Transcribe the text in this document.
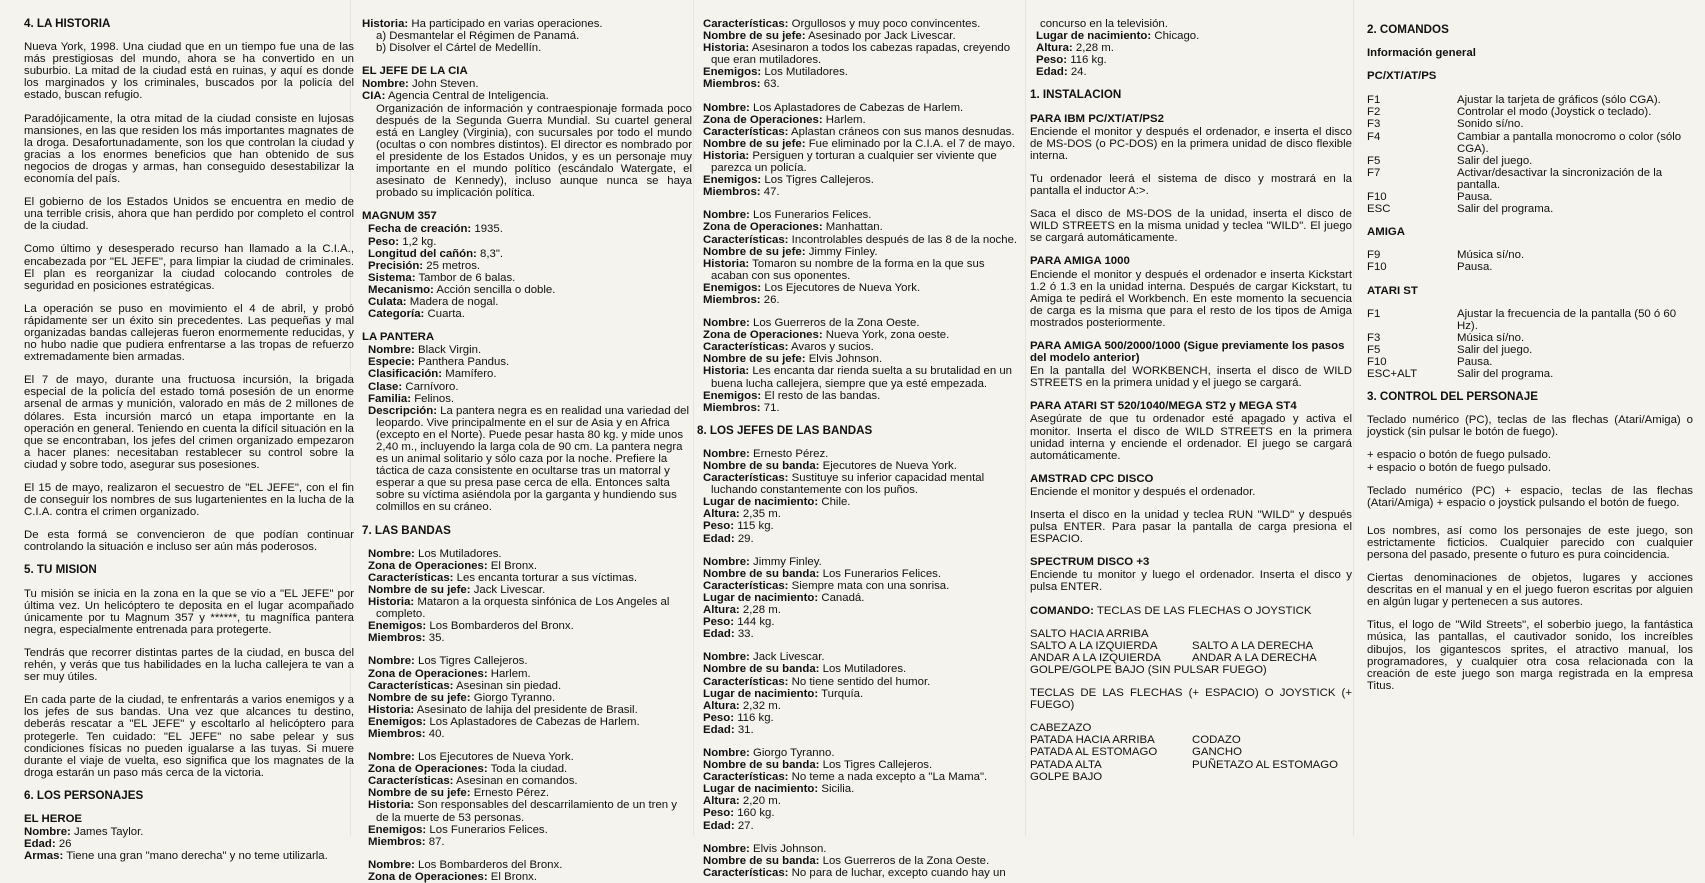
4. LA HISTORIA

Nueva York, 1998. Una ciudad que en un tiempo fue una de las más prestigiosas del mundo, ahora se ha convertido en un suburbio. La mitad de la ciudad está en ruinas, y aquí es donde los marginados y los criminales, buscados por la policía del estado, buscan refugio.

Paradójicamente, la otra mitad de la ciudad consiste en lujosas mansiones, en las que residen los más importantes magnates de la droga. Desafortunadamente, son los que controlan la ciudad y gracias a los enormes beneficios que han obtenido de sus negocios de drogas y armas, han conseguido desestabilizar la economía del país.

El gobierno de los Estados Unidos se encuentra en medio de una terrible crisis, ahora que han perdido por completo el control de la ciudad.

Como último y desesperado recurso han llamado a la C.I.A., encabezada por "EL JEFE", para limpiar la ciudad de criminales. El plan es reorganizar la ciudad colocando controles de seguridad en posiciones estratégicas.

La operación se puso en movimiento el 4 de abril, y probó rápidamente ser un éxito sin precedentes. Las pequeñas y mal organizadas bandas callejeras fueron enormemente reducidas, y no hubo nadie que pudiera enfrentarse a las tropas de refuerzo extremadamente bien armadas.

El 7 de mayo, durante una fructuosa incursión, la brigada especial de la policía del estado tomá posesión de un enorme arsenal de armas y munición, valorado en más de 2 millones de dólares. Esta incursión marcó un etapa importante en la operación en general. Teniendo en cuenta la difícil situación en la que se encontraban, los jefes del crimen organizado empezaron a hacer planes: necesitaban restablecer su control sobre la ciudad y sobre todo, asegurar sus posesiones.

El 15 de mayo, realizaron el secuestro de "EL JEFE", con el fin de conseguir los nombres de sus lugartenientes en la lucha de la C.I.A. contra el crimen organizado.

De esta formá se convencieron de que podían continuar controlando la situación e incluso ser aún más poderosos.

5. TU MISION

Tu misión se inicia en la zona en la que se vio a "EL JEFE" por última vez. Un helicóptero te deposita en el lugar acompañado únicamente por tu Magnum 357 y ******, tu magnífica pantera negra, especialmente entrenada para protegerte.

Tendrás que recorrer distintas partes de la ciudad, en busca del rehén, y verás que tus habilidades en la lucha callejera te van a ser muy útiles.

En cada parte de la ciudad, te enfrentarás a varios enemigos y a los jefes de sus bandas. Una vez que alcances tu destino, deberás rescatar a "EL JEFE" y escoltarlo al helicóptero para protegerle. Ten cuidado: "EL JEFE" no sabe pelear y sus condiciones físicas no pueden igualarse a las tuyas. Si muere durante el viaje de vuelta, eso significa que los magnates de la droga estarán un paso más cerca de la victoria.

6. LOS PERSONAJES
EL HEROE
Nombre: James Taylor.
Edad: 26
Armas: Tiene una gran "mano derecha" y no teme utilizarla.
Historia: Ha participado en varias operaciones.
a) Desmantelar el Régimen de Panamá.
b) Disolver el Cártel de Medellín.
EL JEFE DE LA CIA
Nombre: John Steven.
CIA: Agencia Central de Inteligencia.

Organización de información y contraespionaje formada poco después de la Segunda Guerra Mundial. Su cuartel general está en Langley (Virginia), con sucursales por todo el mundo (ocultas o con nombres distintos). El director es nombrado por el presidente de los Estados Unidos, y es un personaje muy importante en el mundo político (escándalo Watergate, el asesinato de Kennedy), incluso aunque nunca se haya probado su implicación política.

MAGNUM 357
Fecha de creación: 1935.
Peso: 1,2 kg.
Longitud del cañón: 8,3".
Precisión: 25 metros.
Sistema: Tambor de 6 balas.
Mecanismo: Acción sencilla o doble.
Culata: Madera de nogal.
Categoría: Cuarta.
LA PANTERA
Nombre: Black Virgin.
Especie: Panthera Pandus.
Clasificación: Mamífero.
Clase: Carnívoro.
Familia: Felinos.
Descripción: La pantera negra es en realidad una variedad del leopardo. Vive principalmente en el sur de Asia y en Africa (excepto en el Norte). Puede pesar hasta 80 kg. y mide unos 2,40 m., incluyendo la larga cola de 90 cm. La pantera negra es un animal solitario y sólo caza por la noche. Prefiere la táctica de caza consistente en ocultarse tras un matorral y esperar a que su presa pase cerca de ella. Entonces salta sobre su víctima asiéndola por la garganta y hundiendo sus colmillos en su cráneo.
7. LAS BANDAS
Nombre: Los Mutiladores.
Zona de Operaciones: El Bronx.
Características: Les encanta torturar a sus víctimas.
Nombre de su jefe: Jack Livescar.
Historia: Mataron a la orquesta sinfónica de Los Angeles al completo.
Enemigos: Los Bombarderos del Bronx.
Miembros: 35.
Nombre: Los Tigres Callejeros.
Zona de Operaciones: Harlem.
Características: Asesinan sin piedad.
Nombre de su jefe: Giorgo Tyranno.
Historia: Asesinato de lahija del presidente de Brasil.
Enemigos: Los Aplastadores de Cabezas de Harlem.
Miembros: 40.
Nombre: Los Ejecutores de Nueva York.
Zona de Operaciones: Toda la ciudad.
Características: Asesinan en comandos.
Nombre de su jefe: Ernesto Pérez.
Historia: Son responsables del descarrilamiento de un tren y de la muerte de 53 personas.
Enemigos: Los Funerarios Felices.
Miembros: 87.
Nombre: Los Bombarderos del Bronx.
Zona de Operaciones: El Bronx.
Características: Orgullosos y muy poco convincentes.
Nombre de su jefe: Asesinado por Jack Livescar.
Historia: Asesinaron a todos los cabezas rapadas, creyendo que eran mutiladores.
Enemigos: Los Mutiladores.
Miembros: 63.
Nombre: Los Aplastadores de Cabezas de Harlem.
Zona de Operaciones: Harlem.
Características: Aplastan cráneos con sus manos desnudas.
Nombre de su jefe: Fue eliminado por la C.I.A. el 7 de mayo.
Historia: Persiguen y torturan a cualquier ser viviente que parezca un policía.
Enemigos: Los Tigres Callejeros.
Miembros: 47.
Nombre: Los Funerarios Felices.
Zona de Operaciones: Manhattan.
Características: Incontrolables después de las 8 de la noche.
Nombre de su jefe: Jimmy Finley.
Historia: Tomaron su nombre de la forma en la que sus acaban con sus oponentes.
Enemigos: Los Ejecutores de Nueva York.
Miembros: 26.
Nombre: Los Guerreros de la Zona Oeste.
Zona de Operaciones: Nueva York, zona oeste.
Características: Avaros y sucios.
Nombre de su jefe: Elvis Johnson.
Historia: Les encanta dar rienda suelta a su brutalidad en un buena lucha callejera, siempre que ya esté empezada.
Enemigos: El resto de las bandas.
Miembros: 71.
8. LOS JEFES DE LAS BANDAS
Nombre: Ernesto Pérez.
Nombre de su banda: Ejecutores de Nueva York.
Características: Sustituye su inferior capacidad mental luchando constantemente con los puños.
Lugar de nacimiento: Chile.
Altura: 2,35 m.
Peso: 115 kg.
Edad: 29.
Nombre: Jimmy Finley.
Nombre de su banda: Los Funerarios Felices.
Características: Siempre mata con una sonrisa.
Lugar de nacimiento: Canadá.
Altura: 2,28 m.
Peso: 144 kg.
Edad: 33.
Nombre: Jack Livescar.
Nombre de su banda: Los Mutiladores.
Características: No tiene sentido del humor.
Lugar de nacimiento: Turquía.
Altura: 2,32 m.
Peso: 116 kg.
Edad: 31.
Nombre: Giorgo Tyranno.
Nombre de su banda: Los Tigres Callejeros.
Características: No teme a nada excepto a "La Mama".
Lugar de nacimiento: Sicilia.
Altura: 2,20 m.
Peso: 160 kg.
Edad: 27.
Nombre: Elvis Johnson.
Nombre de su banda: Los Guerreros de la Zona Oeste.
Características: No para de luchar, excepto cuando hay un
concurso en la televisión.
Lugar de nacimiento: Chicago.
Altura: 2,28 m.
Peso: 116 kg.
Edad: 24.
1. INSTALACION
PARA IBM PC/XT/AT/PS2

Enciende el monitor y después el ordenador, e inserta el disco de MS-DOS (o PC-DOS) en la primera unidad de disco flexible interna.

Tu ordenador leerá el sistema de disco y mostrará en la pantalla el inductor A:>.

Saca el disco de MS-DOS de la unidad, inserta el disco de WILD STREETS en la misma unidad y teclea "WILD". El juego se cargará automáticamente.

PARA AMIGA 1000

Enciende el monitor y después el ordenador e inserta Kickstart 1.2 ó 1.3 en la unidad interna. Después de cargar Kickstart, tu Amiga te pedirá el Workbench. En este momento la secuencia de carga es la misma que para el resto de los tipos de Amiga mostrados posteriormente.

PARA AMIGA 500/2000/1000 (Sigue previamente los pasos del modelo anterior)

En la pantalla del WORKBENCH, inserta el disco de WILD STREETS en la primera unidad y el juego se cargará.

PARA ATARI ST 520/1040/MEGA ST2 y MEGA ST4

Asegúrate de que tu ordenador esté apagado y activa el monitor. Inserta el disco de WILD STREETS en la primera unidad interna y enciende el ordenador. El juego se cargará automáticamente.

AMSTRAD CPC DISCO

Enciende el monitor y después el ordenador.

Inserta el disco en la unidad y teclea RUN "WILD" y después pulsa ENTER. Para pasar la pantalla de carga presiona el ESPACIO.

SPECTRUM DISCO +3

Enciende tu monitor y luego el ordenador. Inserta el disco y pulsa ENTER.

COMANDO: TECLAS DE LAS FLECHAS O JOYSTICK
SALTO HACIA ARRIBA
SALTO A LA IZQUIERDA	SALTO A LA DERECHA
ANDAR A LA IZQUIERDA	ANDAR A LA DERECHA
GOLPE/GOLPE BAJO (SIN PULSAR FUEGO)

TECLAS DE LAS FLECHAS (+ ESPACIO) O JOYSTICK (+ FUEGO)

CABEZAZO
PATADA HACIA ARRIBA	CODAZO
PATADA AL ESTOMAGO	GANCHO
PATADA ALTA	PUÑETAZO AL ESTOMAGO
GOLPE BAJO
2. COMANDOS
Información general
PC/XT/AT/PS
F1	Ajustar la tarjeta de gráficos (sólo CGA).
F2	Controlar el modo (Joystick o teclado).
F3	Sonido sí/no.
F4	Cambiar a pantalla monocromo o color (sólo CGA).
F5	Salir del juego.
F7	Activar/desactivar la sincronización de la pantalla.
F10	Pausa.
ESC	Salir del programa.
AMIGA
F9	Música sí/no.
F10	Pausa.
ATARI ST
F1	Ajustar la frecuencia de la pantalla (50 ó 60 Hz).
F3	Música sí/no.
F5	Salir del juego.
F10	Pausa.
ESC+ALT	Salir del programa.
3. CONTROL DEL PERSONAJE

Teclado numérico (PC), teclas de las flechas (Atari/Amiga) o joystick (sin pulsar le botón de fuego).

+ espacio o botón de fuego pulsado.
+ espacio o botón de fuego pulsado.

Teclado numérico (PC) + espacio, teclas de las flechas (Atari/Amiga) + espacio o joystick pulsando el botón de fuego.

Los nombres, así como los personajes de este juego, son estrictamente ficticios. Cualquier parecido con cualquier persona del pasado, presente o futuro es pura coincidencia.

Ciertas denominaciones de objetos, lugares y acciones descritas en el manual y en el juego fueron escritas por alguien en algún lugar y pertenecen a sus autores.

Titus, el logo de "Wild Streets", el soberbio juego, la fantástica música, las pantallas, el cautivador sonido, los increíbles dibujos, los gigantescos sprites, el atractivo manual, los programadores, y cualquier otra cosa relacionada con la creación de este juego son marga registrada en la empresa Titus.
